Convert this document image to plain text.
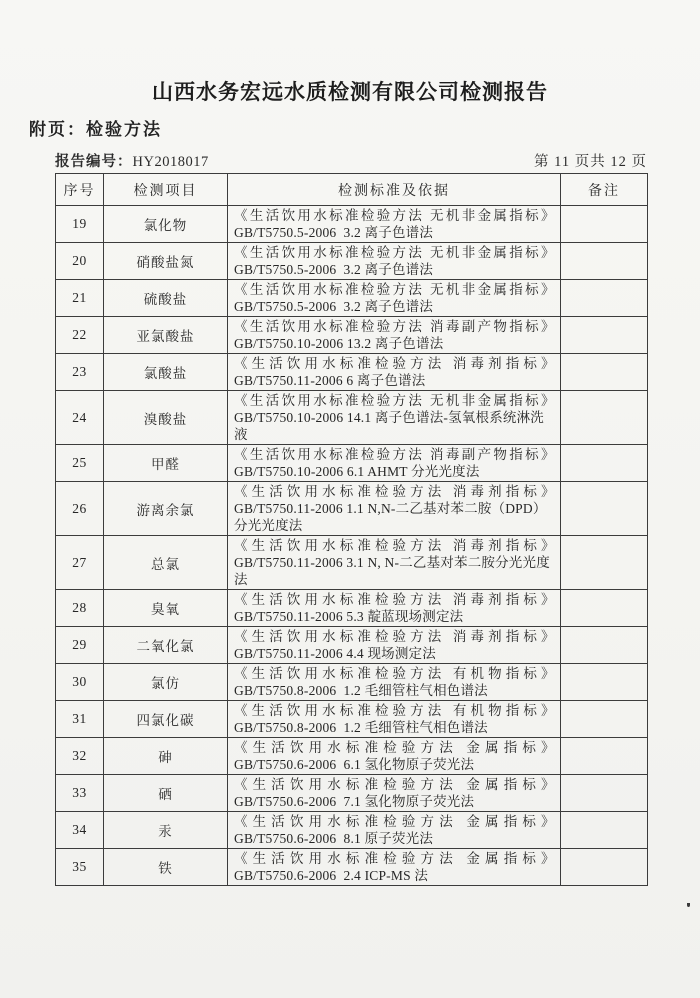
山西水务宏远水质检测有限公司检测报告
附页：检验方法
报告编号：HY2018017	第 11 页共 12 页
序号	检测项目	检测标准及依据	备注
19	氯化物	《生活饮用水标准检验方法 无机非金属指标》
GB/T5750.5-2006  3.2 离子色谱法	

20	硝酸盐氮	《生活饮用水标准检验方法 无机非金属指标》
GB/T5750.5-2006  3.2 离子色谱法	

21	硫酸盐	《生活饮用水标准检验方法 无机非金属指标》
GB/T5750.5-2006  3.2 离子色谱法	

22	亚氯酸盐	《生活饮用水标准检验方法 消毒副产物指标》
GB/T5750.10-2006 13.2 离子色谱法	

23	氯酸盐	《生活饮用水标准检验方法 消毒剂指标》
GB/T5750.11-2006 6 离子色谱法	

24	溴酸盐	《生活饮用水标准检验方法 无机非金属指标》
GB/T5750.10-2006 14.1 离子色谱法-氢氧根系统淋洗液	

25	甲醛	《生活饮用水标准检验方法 消毒副产物指标》
GB/T5750.10-2006 6.1 AHMT 分光光度法	

26	游离余氯	《生活饮用水标准检验方法 消毒剂指标》
GB/T5750.11-2006 1.1 N,N-二乙基对苯二胺（DPD）分光光度法	

27	总氯	《生活饮用水标准检验方法 消毒剂指标》
GB/T5750.11-2006 3.1 N, N-二乙基对苯二胺分光光度法	

28	臭氧	《生活饮用水标准检验方法 消毒剂指标》
GB/T5750.11-2006 5.3 靛蓝现场测定法	

29	二氧化氯	《生活饮用水标准检验方法 消毒剂指标》
GB/T5750.11-2006 4.4 现场测定法	

30	氯仿	《生活饮用水标准检验方法 有机物指标》
GB/T5750.8-2006  1.2 毛细管柱气相色谱法	

31	四氯化碳	《生活饮用水标准检验方法 有机物指标》
GB/T5750.8-2006  1.2 毛细管柱气相色谱法	

32	砷	《生活饮用水标准检验方法 金属指标》
GB/T5750.6-2006  6.1 氢化物原子荧光法	

33	硒	《生活饮用水标准检验方法 金属指标》
GB/T5750.6-2006  7.1 氢化物原子荧光法	

34	汞	《生活饮用水标准检验方法 金属指标》
GB/T5750.6-2006  8.1 原子荧光法	

35	铁	《生活饮用水标准检验方法 金属指标》
GB/T5750.6-2006  2.4 ICP-MS 法	
